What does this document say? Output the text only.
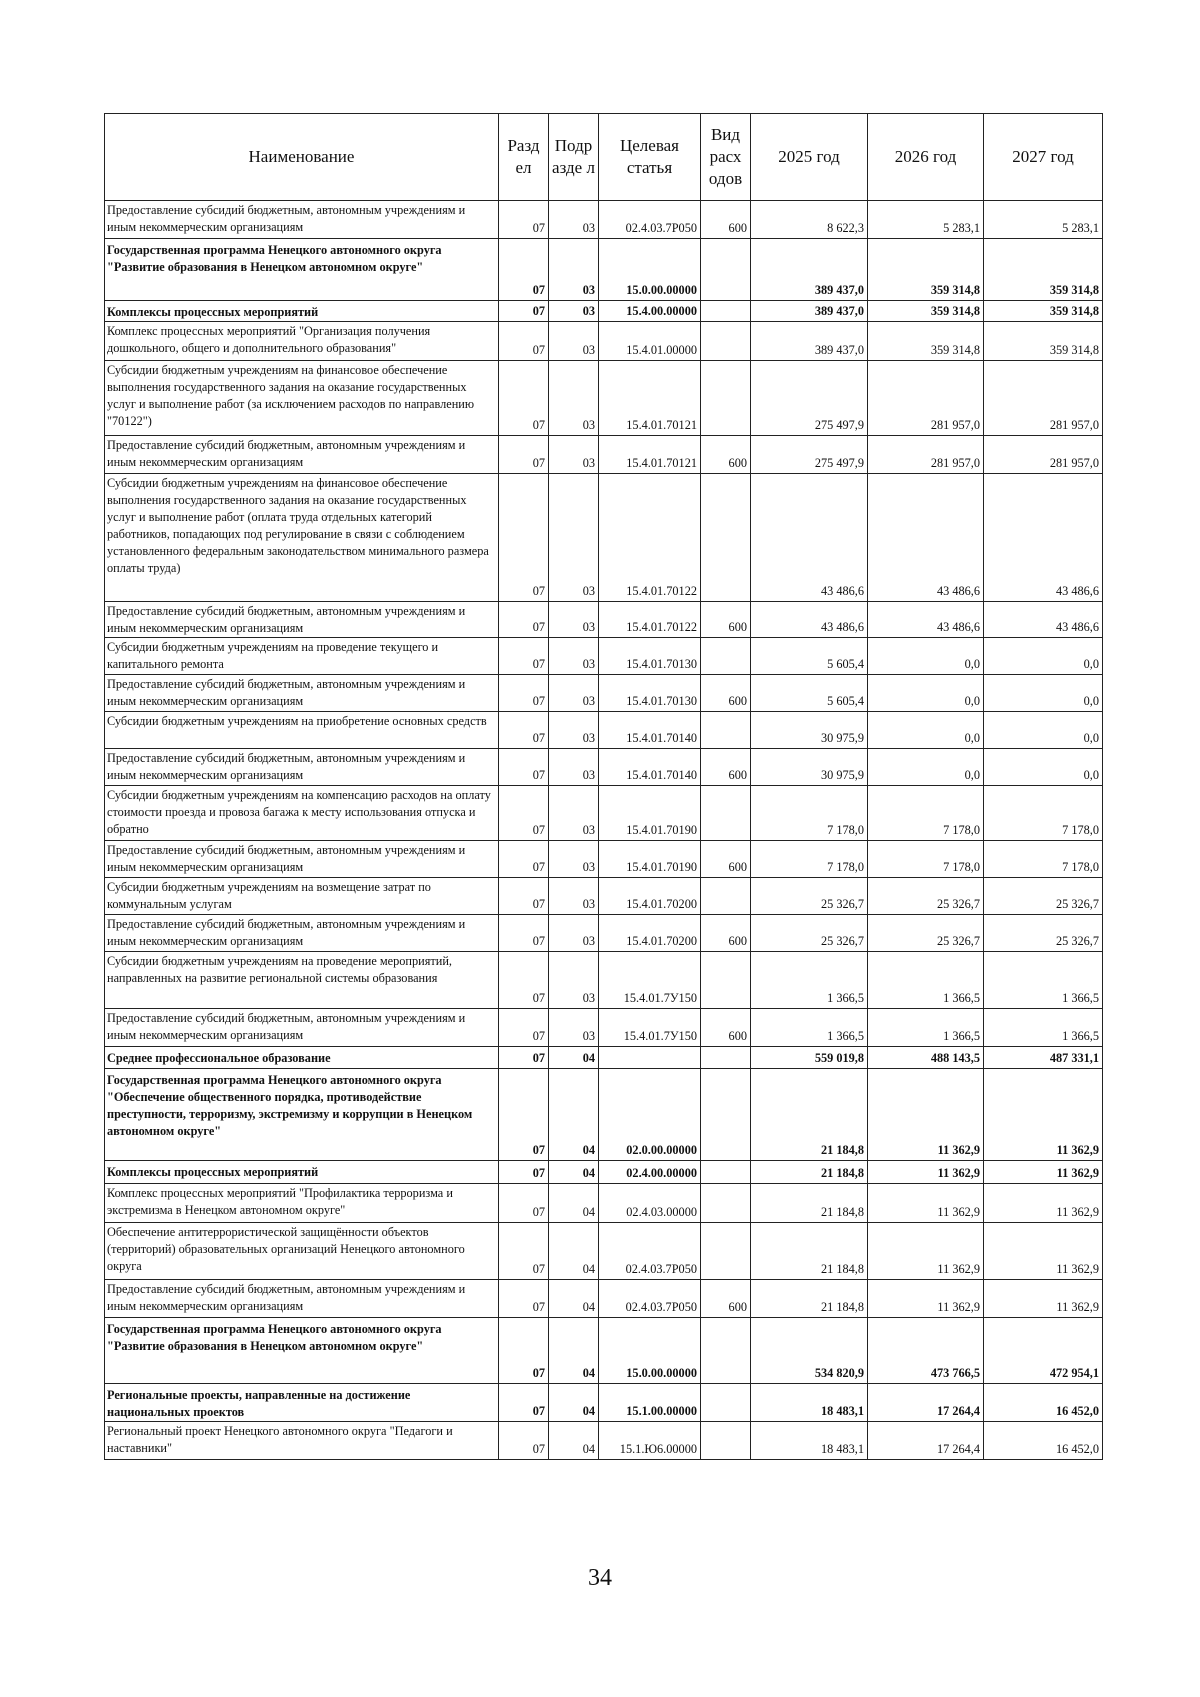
Наименование	Разд ел	Подр азде л	Целевая статья	Вид расх одов	2025 год	2026 год	2027 год
Предоставление субсидий бюджетным, автономным учреждениям и иным некоммерческим организациям	07	03	02.4.03.7Р050	600	8 622,3	5 283,1	5 283,1
Государственная программа Ненецкого автономного округа "Развитие образования в Ненецком автономном округе"	07	03	15.0.00.00000		389 437,0	359 314,8	359 314,8
Комплексы процессных мероприятий	07	03	15.4.00.00000		389 437,0	359 314,8	359 314,8
Комплекс процессных мероприятий "Организация получения дошкольного, общего и дополнительного образования"	07	03	15.4.01.00000		389 437,0	359 314,8	359 314,8
Субсидии бюджетным учреждениям на финансовое обеспечение выполнения государственного задания на оказание государственных услуг и выполнение работ (за исключением расходов по направлению "70122")	07	03	15.4.01.70121		275 497,9	281 957,0	281 957,0
Предоставление субсидий бюджетным, автономным учреждениям и иным некоммерческим организациям	07	03	15.4.01.70121	600	275 497,9	281 957,0	281 957,0
Субсидии бюджетным учреждениям на финансовое обеспечение выполнения государственного задания на оказание государственных услуг и выполнение работ (оплата труда отдельных категорий работников, попадающих под регулирование в связи с соблюдением установленного федеральным законодательством минимального размера оплаты труда)	07	03	15.4.01.70122		43 486,6	43 486,6	43 486,6
Предоставление субсидий бюджетным, автономным учреждениям и иным некоммерческим организациям	07	03	15.4.01.70122	600	43 486,6	43 486,6	43 486,6
Субсидии бюджетным учреждениям на проведение текущего и капитального ремонта	07	03	15.4.01.70130		5 605,4	0,0	0,0
Предоставление субсидий бюджетным, автономным учреждениям и иным некоммерческим организациям	07	03	15.4.01.70130	600	5 605,4	0,0	0,0
Субсидии бюджетным учреждениям на приобретение основных средств	07	03	15.4.01.70140		30 975,9	0,0	0,0
Предоставление субсидий бюджетным, автономным учреждениям и иным некоммерческим организациям	07	03	15.4.01.70140	600	30 975,9	0,0	0,0
Субсидии бюджетным учреждениям на компенсацию расходов на оплату стоимости проезда и провоза багажа к месту использования отпуска и обратно	07	03	15.4.01.70190		7 178,0	7 178,0	7 178,0
Предоставление субсидий бюджетным, автономным учреждениям и иным некоммерческим организациям	07	03	15.4.01.70190	600	7 178,0	7 178,0	7 178,0
Субсидии бюджетным учреждениям на возмещение затрат по коммунальным услугам	07	03	15.4.01.70200		25 326,7	25 326,7	25 326,7
Предоставление субсидий бюджетным, автономным учреждениям и иным некоммерческим организациям	07	03	15.4.01.70200	600	25 326,7	25 326,7	25 326,7
Субсидии бюджетным учреждениям на проведение мероприятий, направленных на развитие региональной системы образования	07	03	15.4.01.7У150		1 366,5	1 366,5	1 366,5
Предоставление субсидий бюджетным, автономным учреждениям и иным некоммерческим организациям	07	03	15.4.01.7У150	600	1 366,5	1 366,5	1 366,5
Среднее профессиональное образование	07	04			559 019,8	488 143,5	487 331,1
Государственная программа Ненецкого автономного округа "Обеспечение общественного порядка, противодействие преступности, терроризму, экстремизму и коррупции в Ненецком автономном округе"	07	04	02.0.00.00000		21 184,8	11 362,9	11 362,9
Комплексы процессных мероприятий	07	04	02.4.00.00000		21 184,8	11 362,9	11 362,9
Комплекс процессных мероприятий "Профилактика терроризма и экстремизма в Ненецком автономном округе"	07	04	02.4.03.00000		21 184,8	11 362,9	11 362,9
Обеспечение антитеррористической защищённости объектов (территорий) образовательных организаций Ненецкого автономного округа	07	04	02.4.03.7Р050		21 184,8	11 362,9	11 362,9
Предоставление субсидий бюджетным, автономным учреждениям и иным некоммерческим организациям	07	04	02.4.03.7Р050	600	21 184,8	11 362,9	11 362,9
Государственная программа Ненецкого автономного округа "Развитие образования в Ненецком автономном округе"	07	04	15.0.00.00000		534 820,9	473 766,5	472 954,1
Региональные проекты, направленные на достижение национальных проектов	07	04	15.1.00.00000		18 483,1	17 264,4	16 452,0
Региональный проект Ненецкого автономного округа "Педагоги и наставники"	07	04	15.1.Ю6.00000		18 483,1	17 264,4	16 452,0
34
